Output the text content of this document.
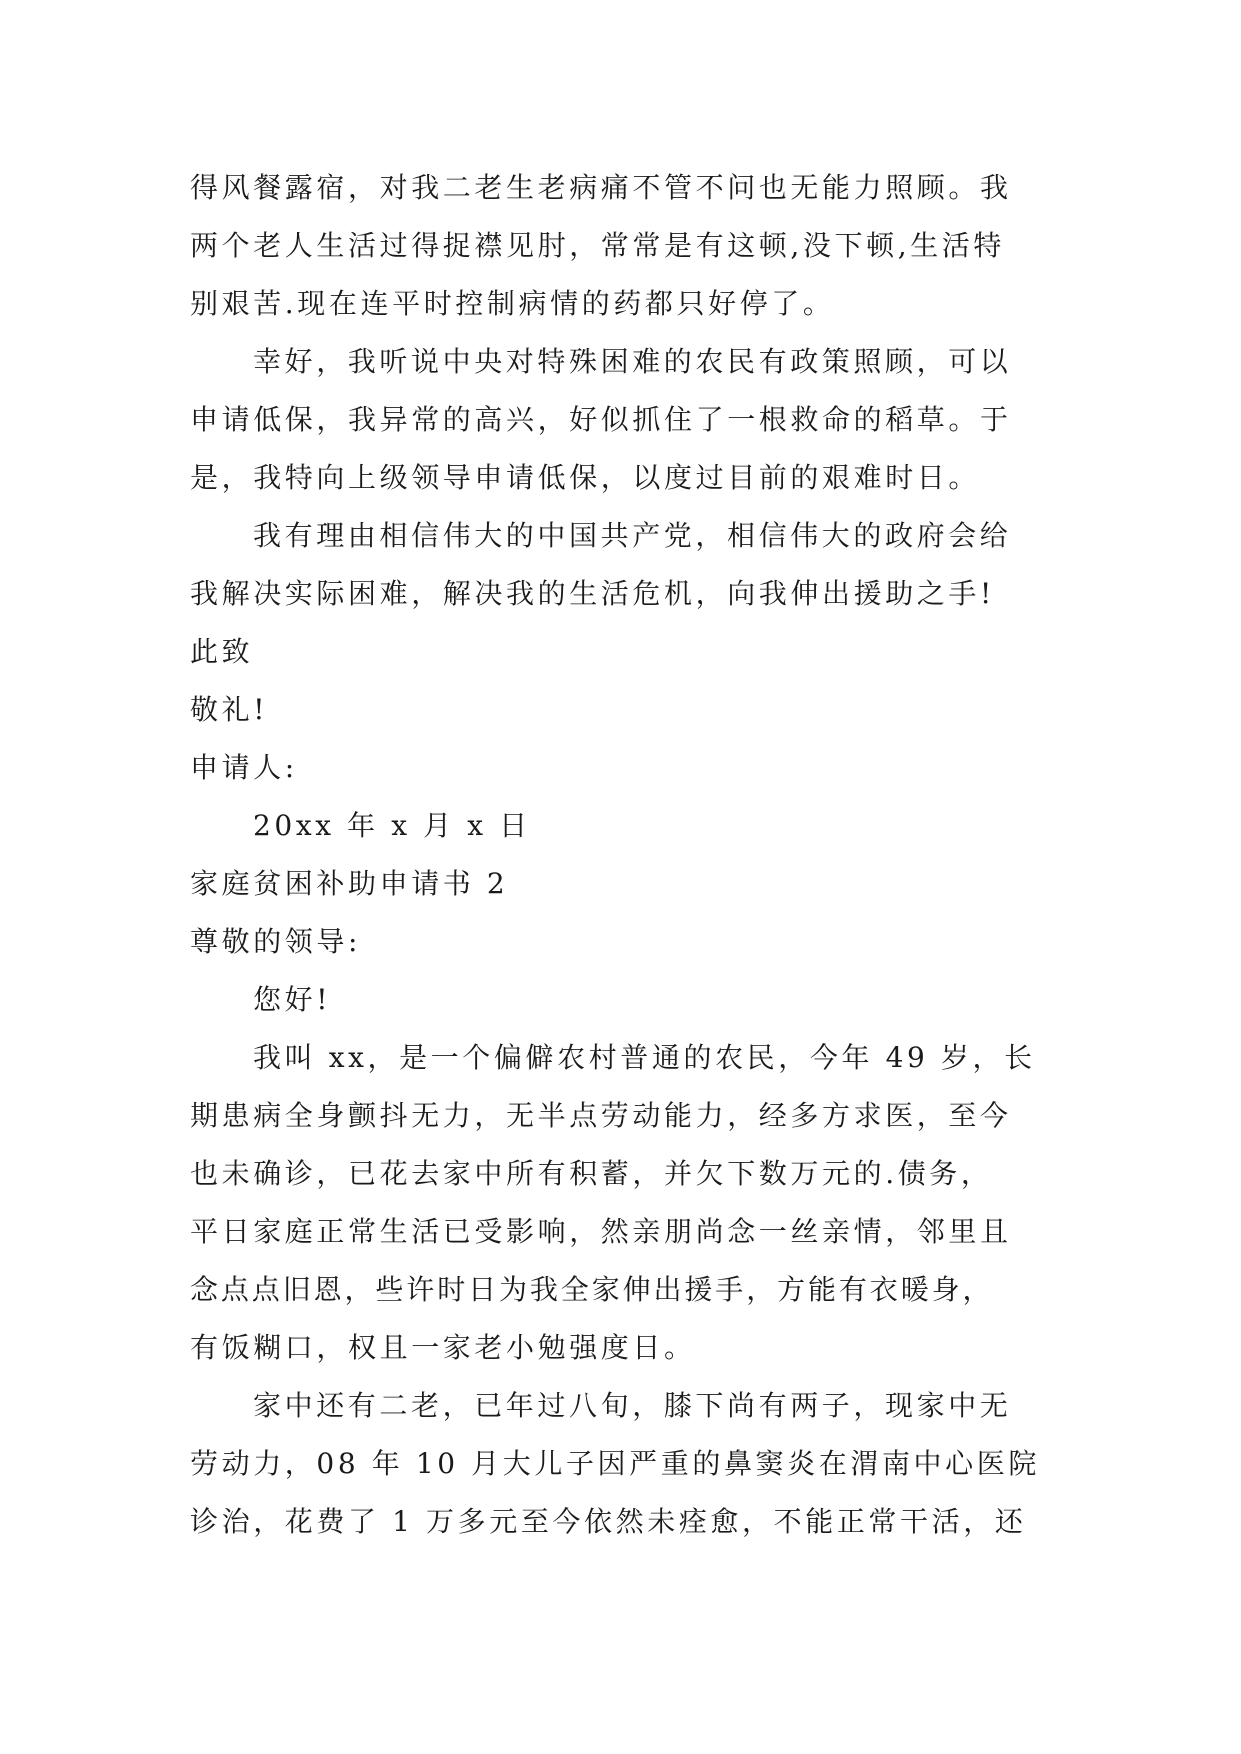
得风餐露宿，对我二老生老病痛不管不问也无能力照顾。我
两个老人生活过得捉襟见肘，常常是有这顿,没下顿,生活特
别艰苦.现在连平时控制病情的药都只好停了。
幸好，我听说中央对特殊困难的农民有政策照顾，可以
申请低保，我异常的高兴，好似抓住了一根救命的稻草。于
是，我特向上级领导申请低保，以度过目前的艰难时日。
我有理由相信伟大的中国共产党，相信伟大的政府会给
我解决实际困难，解决我的生活危机，向我伸出援助之手!
此致
敬礼!
申请人:
20xx 年 x 月 x 日
家庭贫困补助申请书 2
尊敬的领导:
您好!
我叫 xx，是一个偏僻农村普通的农民，今年 49 岁，长
期患病全身颤抖无力，无半点劳动能力，经多方求医，至今
也未确诊，已花去家中所有积蓄，并欠下数万元的.债务，
平日家庭正常生活已受影响，然亲朋尚念一丝亲情，邻里且
念点点旧恩，些许时日为我全家伸出援手，方能有衣暖身，
有饭糊口，权且一家老小勉强度日。
家中还有二老，已年过八旬，膝下尚有两子，现家中无
劳动力，08 年 10 月大儿子因严重的鼻窦炎在渭南中心医院
诊治，花费了 1 万多元至今依然未痊愈，不能正常干活，还
